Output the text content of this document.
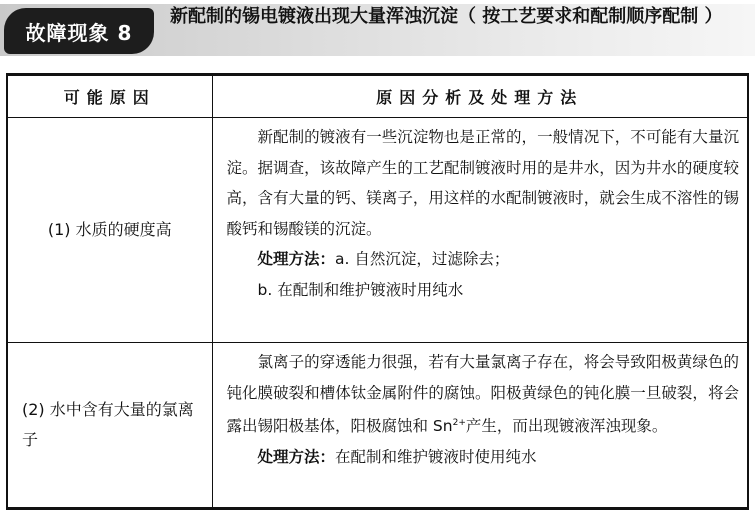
故障现象 8
新配制的锡电镀液出现大量浑浊沉淀（ 按工艺要求和配制顺序配制 ）
可能原因	原因分析及处理方法
(1) 水质的硬度高	新配制的镀液有一些沉淀物也是正常的，一般情况下，不可能有大量沉淀。据调查，该故障产生的工艺配制镀液时用的是井水，因为井水的硬度较高，含有大量的钙、镁离子，用这样的水配制镀液时，就会生成不溶性的锡酸钙和锡酸镁的沉淀。
处理方法：a. 自然沉淀，过滤除去；
b. 在配制和维护镀液时用纯水

(2) 水中含有大量的氯离子	氯离子的穿透能力很强，若有大量氯离子存在，将会导致阳极黄绿色的钝化膜破裂和槽体钛金属附件的腐蚀。阳极黄绿色的钝化膜一旦破裂，将会露出锡阳极基体，阳极腐蚀和 $Sn^{2+}$产生，而出现镀液浑浊现象。
处理方法：在配制和维护镀液时使用纯水
